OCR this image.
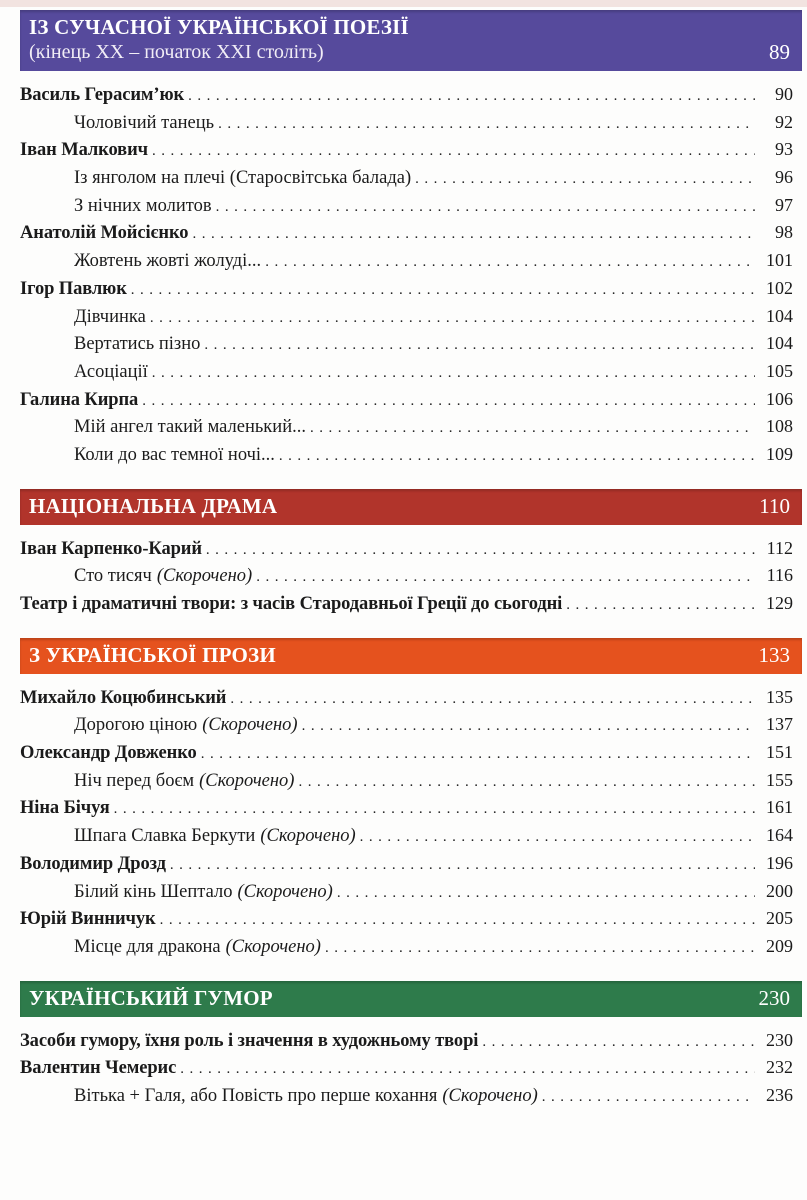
ІЗ СУЧАСНОЇ УКРАЇНСЬКОЇ ПОЕЗІЇ
(кінець XX – початок XXI століть)	89
Василь Герасим’юк .....	90
Чоловічий танець .....	92
Іван Малкович .....	93
Із янголом на плечі (Старосвітська балада) .....	96
З нічних молитов .....	97
Анатолій Мойсієнко .....	98
Жовтень жовті жолуді... .....	101
Ігор Павлюк .....	102
Дівчинка .....	104
Вертатись пізно .....	104
Асоціації .....	105
Галина Кирпа .....	106
Мій ангел такий маленький... .....	108
Коли до вас темної ночі... .....	109
НАЦІОНАЛЬНА ДРАМА	110
Іван Карпенко-Карий .....	112
Сто тисяч (Скорочено) .....	116
Театр і драматичні твори: з часів Стародавньої Греції до сьогодні .....	129
З УКРАЇНСЬКОЇ ПРОЗИ	133
Михайло Коцюбинський .....	135
Дорогою ціною (Скорочено) .....	137
Олександр Довженко .....	151
Ніч перед боєм (Скорочено) .....	155
Ніна Бічуя .....	161
Шпага Славка Беркути (Скорочено) .....	164
Володимир Дрозд .....	196
Білий кінь Шептало (Скорочено) .....	200
Юрій Винничук .....	205
Місце для дракона (Скорочено) .....	209
УКРАЇНСЬКИЙ ГУМОР	230
Засоби гумору, їхня роль і значення в художньому творі .....	230
Валентин Чемерис .....	232
Вітька + Галя, або Повість про перше кохання (Скорочено) .....	236
